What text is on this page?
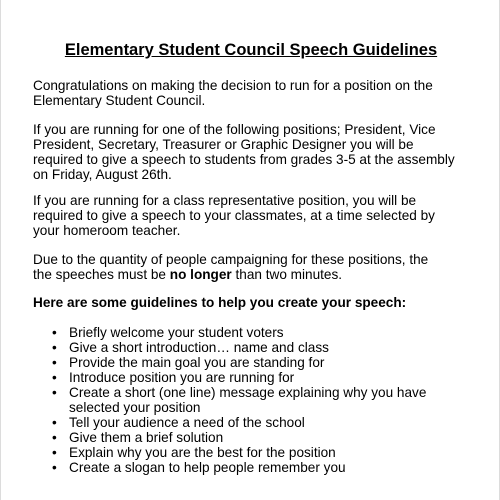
Elementary Student Council Speech Guidelines

Congratulations on making the decision to run for a position on the
Elementary Student Council.

If you are running for one of the following positions; President, Vice
President, Secretary, Treasurer or Graphic Designer you will be
required to give a speech to students from grades 3-5 at the assembly
on Friday, August 26th.

If you are running for a class representative position, you will be
required to give a speech to your classmates, at a time selected by
your homeroom teacher.

Due to the quantity of people campaigning for these positions, the
the speeches must be no longer than two minutes.

Here are some guidelines to help you create your speech:
• Briefly welcome your student voters
• Give a short introduction… name and class
• Provide the main goal you are standing for
• Introduce position you are running for
• Create a short (one line) message explaining why you have
selected your position
• Tell your audience a need of the school
• Give them a brief solution
• Explain why you are the best for the position
• Create a slogan to help people remember you
